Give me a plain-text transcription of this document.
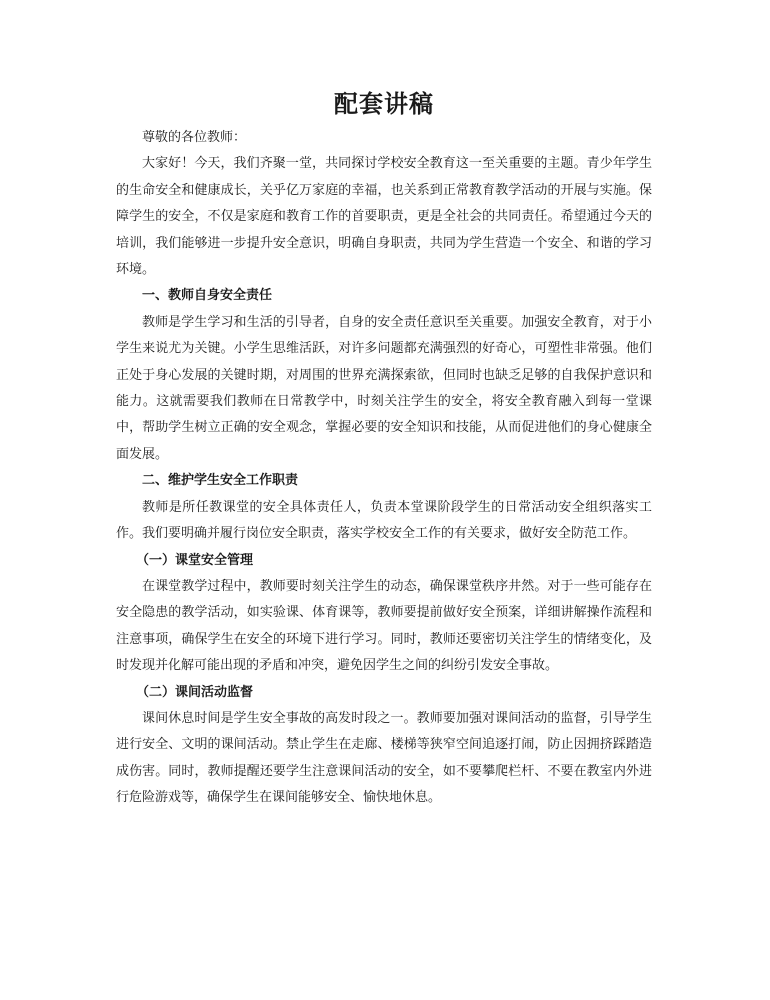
配套讲稿

尊敬的各位教师：

大家好！今天，我们齐聚一堂，共同探讨学校安全教育这一至关重要的主题。青少年学生的生命安全和健康成长，关乎亿万家庭的幸福，也关系到正常教育教学活动的开展与实施。保障学生的安全，不仅是家庭和教育工作的首要职责，更是全社会的共同责任。希望通过今天的培训，我们能够进一步提升安全意识，明确自身职责，共同为学生营造一个安全、和谐的学习环境。

一、教师自身安全责任

教师是学生学习和生活的引导者，自身的安全责任意识至关重要。加强安全教育，对于小学生来说尤为关键。小学生思维活跃，对许多问题都充满强烈的好奇心，可塑性非常强。他们正处于身心发展的关键时期，对周围的世界充满探索欲，但同时也缺乏足够的自我保护意识和能力。这就需要我们教师在日常教学中，时刻关注学生的安全，将安全教育融入到每一堂课中，帮助学生树立正确的安全观念，掌握必要的安全知识和技能，从而促进他们的身心健康全面发展。

二、维护学生安全工作职责

教师是所任教课堂的安全具体责任人，负责本堂课阶段学生的日常活动安全组织落实工作。我们要明确并履行岗位安全职责，落实学校安全工作的有关要求，做好安全防范工作。

（一）课堂安全管理

在课堂教学过程中，教师要时刻关注学生的动态，确保课堂秩序井然。对于一些可能存在安全隐患的教学活动，如实验课、体育课等，教师要提前做好安全预案，详细讲解操作流程和注意事项，确保学生在安全的环境下进行学习。同时，教师还要密切关注学生的情绪变化，及时发现并化解可能出现的矛盾和冲突，避免因学生之间的纠纷引发安全事故。

（二）课间活动监督

课间休息时间是学生安全事故的高发时段之一。教师要加强对课间活动的监督，引导学生进行安全、文明的课间活动。禁止学生在走廊、楼梯等狭窄空间追逐打闹，防止因拥挤踩踏造成伤害。同时，教师提醒还要学生注意课间活动的安全，如不要攀爬栏杆、不要在教室内外进行危险游戏等，确保学生在课间能够安全、愉快地休息。
